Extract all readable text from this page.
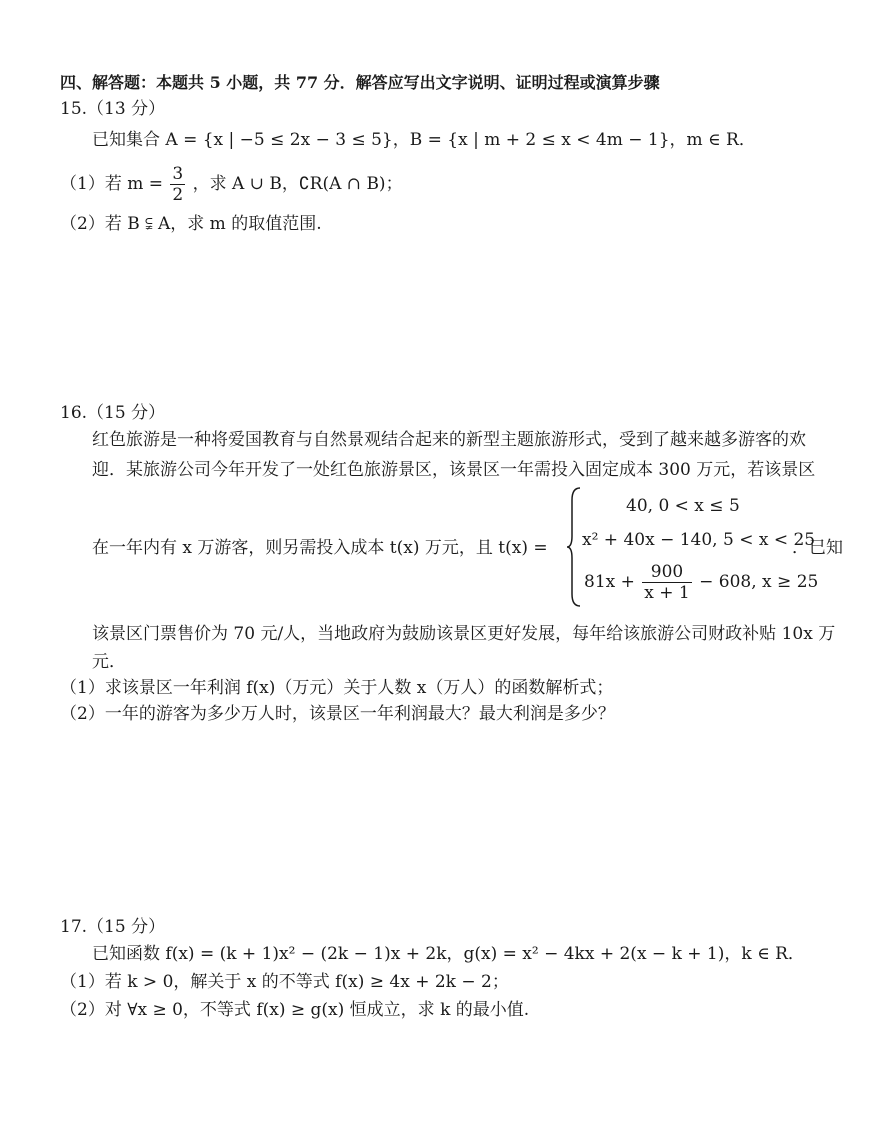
四、解答题：本题共 5 小题，共 77 分．解答应写出文字说明、证明过程或演算步骤
15.（13 分）
已知集合 A = {x | −5 ≤ 2x − 3 ≤ 5}，B = {x | m + 2 ≤ x < 4m − 1}，m ∈ R．
（1）若 $m = \frac{3}{2}$ ，求 A ∪ B，∁R(A ∩ B)；
（2）若 B ⫋ A，求 m 的取值范围.
16.（15 分）
红色旅游是一种将爱国教育与自然景观结合起来的新型主题旅游形式，受到了越来越多游客的欢
迎．某旅游公司今年开发了一处红色旅游景区，该景区一年需投入固定成本 300 万元，若该景区
在一年内有 x 万游客，则另需投入成本 t(x) 万元，且 t(x) =
40, 0 < x ≤ 5
x² + 40x − 140, 5 < x < 25
$81x + \frac{900}{x + 1} - 608$, x ≥ 25
．已知
该景区门票售价为 70 元/人，当地政府为鼓励该景区更好发展，每年给该旅游公司财政补贴 10x 万
元．
（1）求该景区一年利润 f(x)（万元）关于人数 x（万人）的函数解析式；
（2）一年的游客为多少万人时，该景区一年利润最大？最大利润是多少？
17.（15 分）
已知函数 f(x) = (k + 1)x² − (2k − 1)x + 2k，g(x) = x² − 4kx + 2(x − k + 1)，k ∈ R．
（1）若 k > 0，解关于 x 的不等式 f(x) ≥ 4x + 2k − 2；
（2）对 ∀x ≥ 0，不等式 f(x) ≥ g(x) 恒成立，求 k 的最小值.
